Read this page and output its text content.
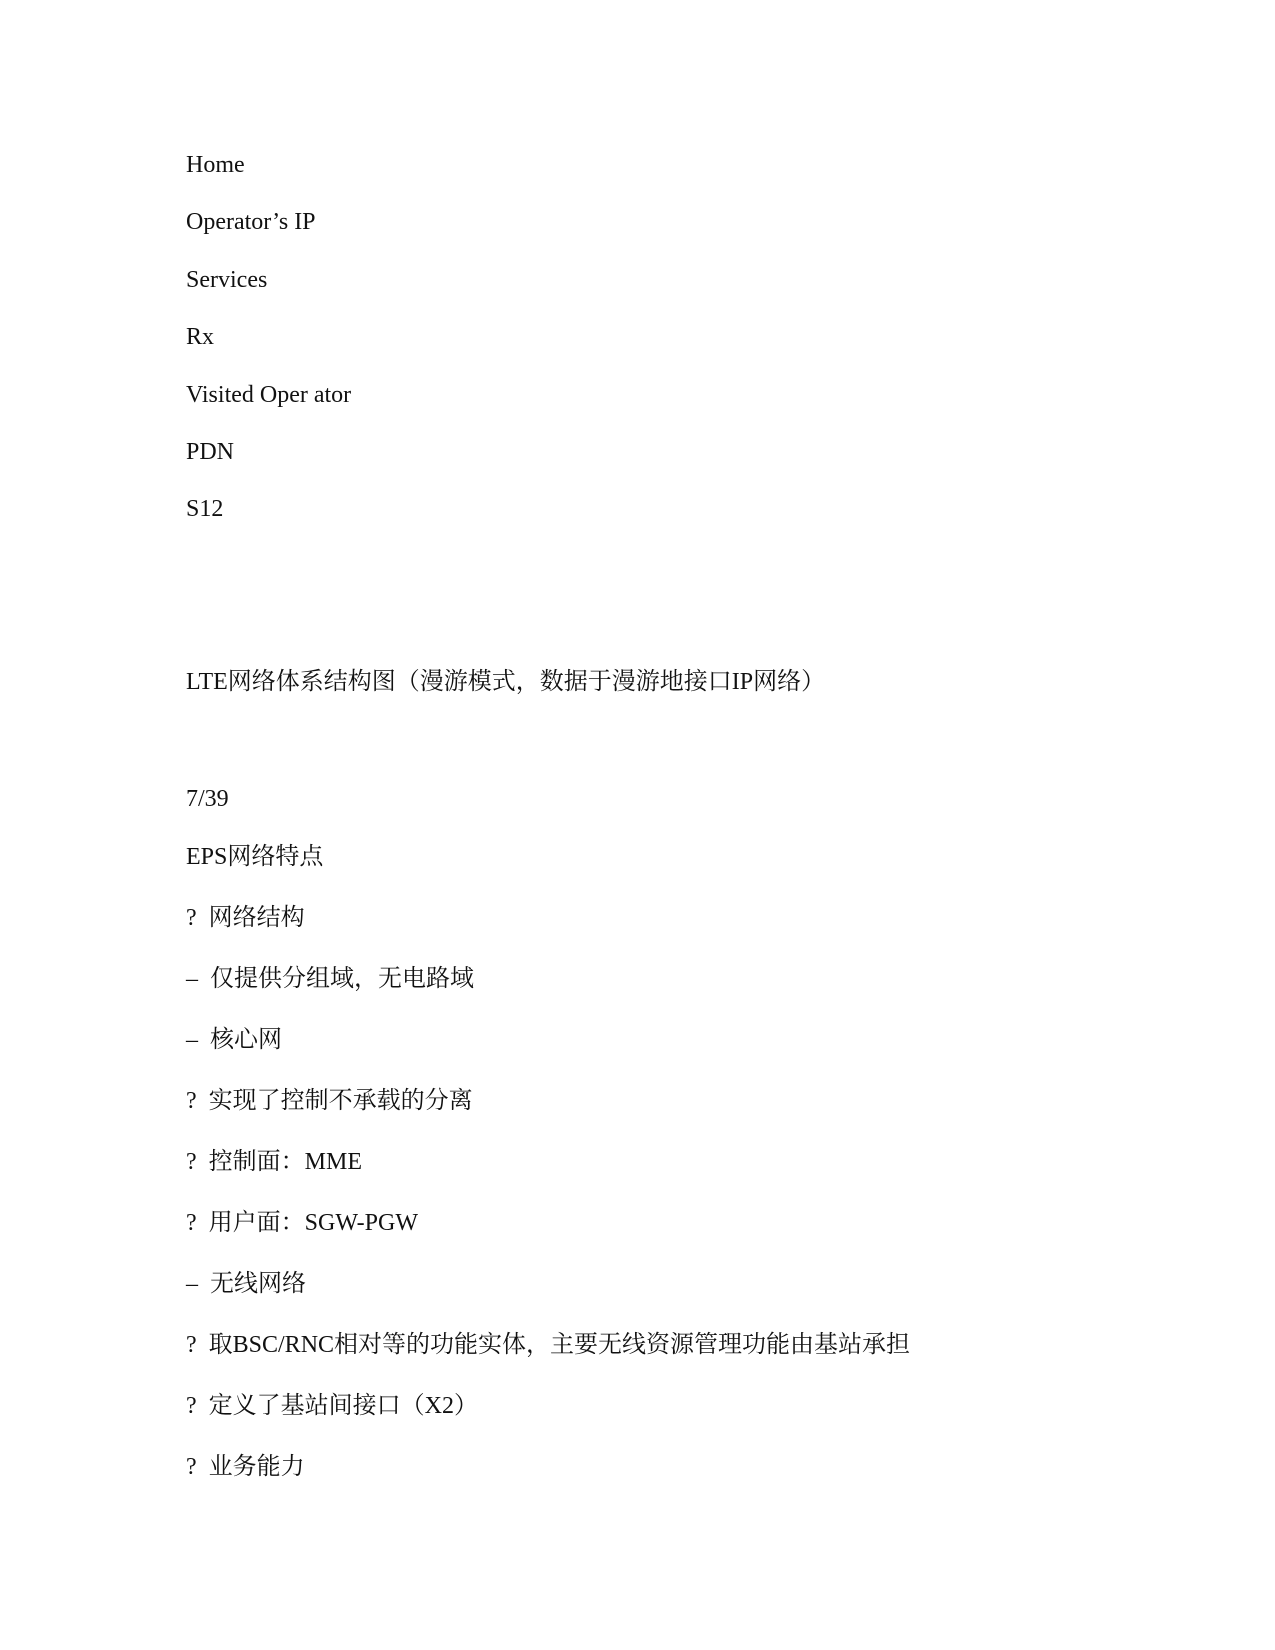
Home
Operator’s IP
Services
Rx
Visited Oper ator
PDN
S12
LTE网络体系结构图（漫游模式，数据于漫游地接口IP网络）
7/39
EPS网络特点
?  网络结构
–  仅提供分组域，无电路域
–  核心网
?  实现了控制不承载的分离
?  控制面：MME
?  用户面：SGW-PGW
–  无线网络
?  取BSC/RNC相对等的功能实体，主要无线资源管理功能由基站承担
?  定义了基站间接口（X2）
?  业务能力
